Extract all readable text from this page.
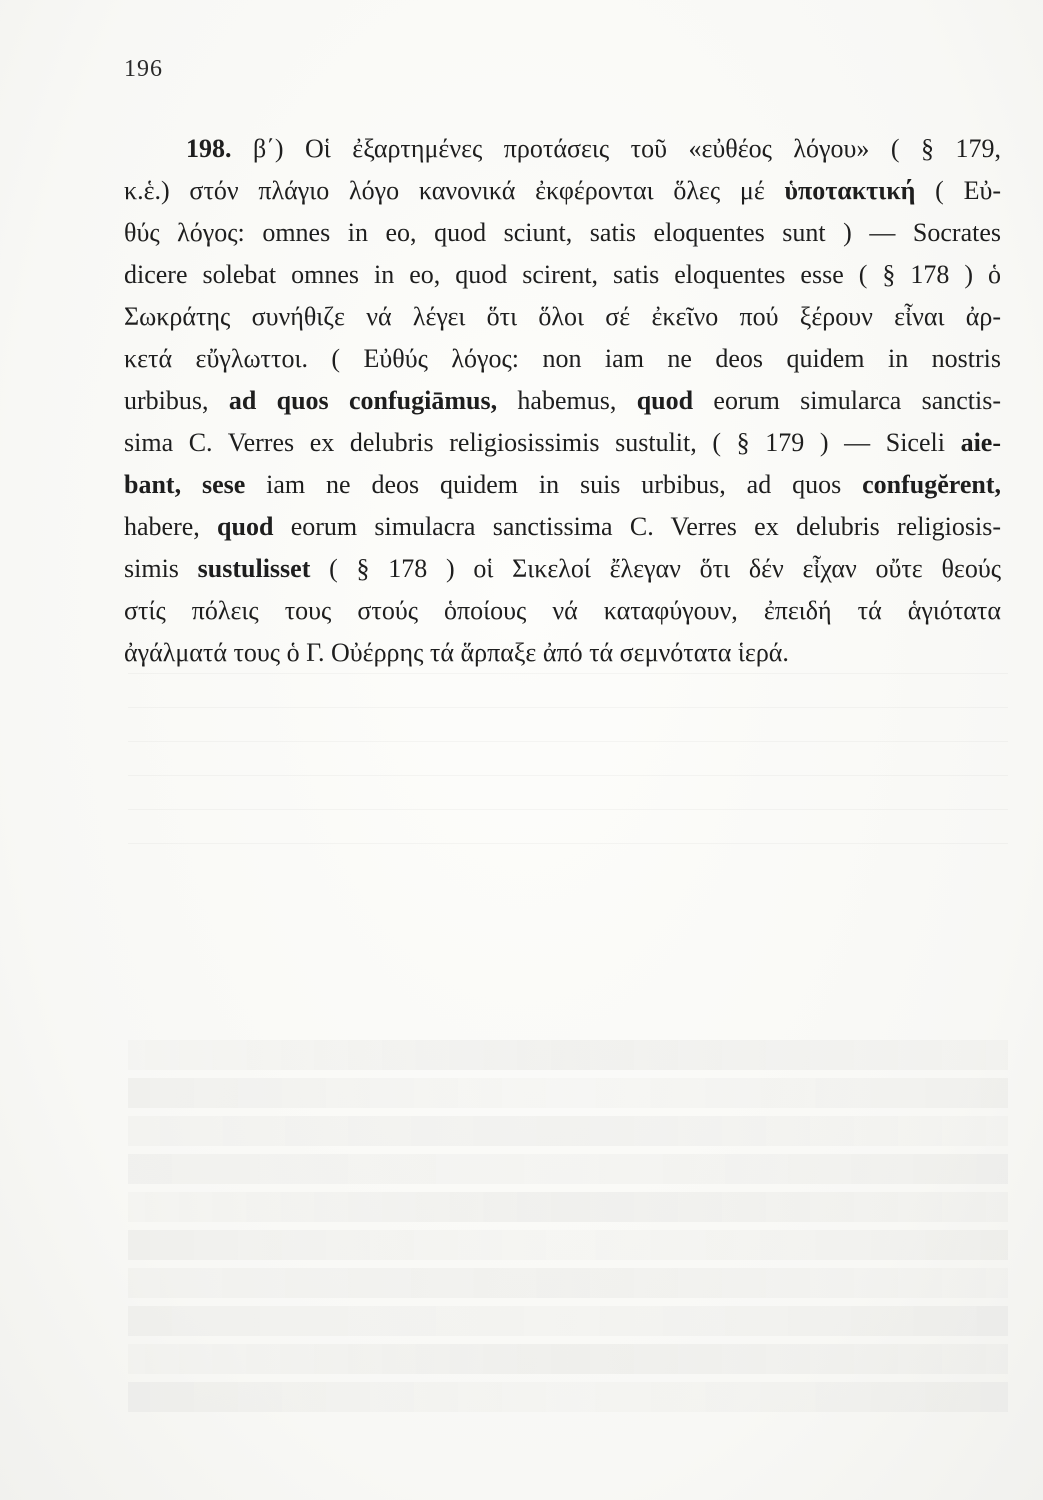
196
198. β΄) Οἱ ἐξαρτημένες προτάσεις τοῦ «εὐθέος λόγου» ( § 179,
κ.ἑ.) στόν πλάγιο λόγο κανονικά ἐκφέρονται ὅλες μέ ὑποτακτική ( Εὐ-
θύς λόγος: omnes in eo, quod sciunt, satis eloquentes sunt ) — Socrates
dicere solebat omnes in eo, quod scirent, satis eloquentes esse ( § 178 ) ὁ
Σωκράτης συνήθιζε νά λέγει ὅτι ὅλοι σέ ἐκεῖνο πού ξέρουν εἶναι ἀρ-
κετά εὔγλωττοι. ( Εὐθύς λόγος: non iam ne deos quidem in nostris
urbibus, ad quos confugiāmus, habemus, quod eorum simularca sanctis-
sima C. Verres ex delubris religiosissimis sustulit, ( § 179 ) — Siceli aie-
bant, sese iam ne deos quidem in suis urbibus, ad quos confugĕrent,
habere, quod eorum simulacra sanctissima C. Verres ex delubris religiosis-
simis sustulisset ( § 178 ) οἱ Σικελοί ἔλεγαν ὅτι δέν εἶχαν οὔτε θεούς
στίς πόλεις τους στούς ὁποίους νά καταφύγουν, ἐπειδή τά ἁγιότατα
ἀγάλματά τους ὁ Γ. Οὐέρρης τά ἅρπαξε ἀπό τά σεμνότατα ἱερά.
